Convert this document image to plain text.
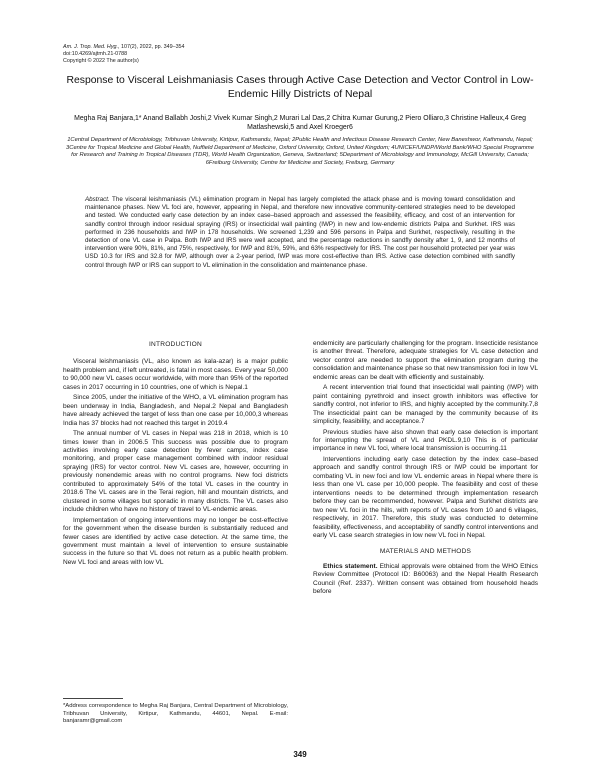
Am. J. Trop. Med. Hyg., 107(2), 2022, pp. 349–354
doi:10.4269/ajtmh.21-0788
Copyright © 2022 The author(s)
Response to Visceral Leishmaniasis Cases through Active Case Detection and Vector Control in Low-Endemic Hilly Districts of Nepal
Megha Raj Banjara,1* Anand Ballabh Joshi,2 Vivek Kumar Singh,2 Murari Lal Das,2 Chitra Kumar Gurung,2 Piero Olliaro,3 Christine Halleux,4 Greg Matlashewski,5 and Axel Kroeger6
1Central Department of Microbiology, Tribhuvan University, Kirtipur, Kathmandu, Nepal; 2Public Health and Infectious Disease Research Center, New Baneshwor, Kathmandu, Nepal; 3Centre for Tropical Medicine and Global Health, Nuffield Department of Medicine, Oxford University, Oxford, United Kingdom; 4UNICEF/UNDP/World Bank/WHO Special Programme for Research and Training in Tropical Diseases (TDR), World Health Organization, Geneva, Switzerland; 5Department of Microbiology and Immunology, McGill University, Canada; 6Freiburg University, Centre for Medicine and Society, Freiburg, Germany
Abstract. The visceral leishmaniasis (VL) elimination program in Nepal has largely completed the attack phase and is moving toward consolidation and maintenance phases. New VL foci are, however, appearing in Nepal, and therefore new innovative community-centered strategies need to be developed and tested. We conducted early case detection by an index case–based approach and assessed the feasibility, efficacy, and cost of an intervention for sandfly control through indoor residual spraying (IRS) or insecticidal wall painting (IWP) in new and low-endemic districts Palpa and Surkhet. IRS was performed in 236 households and IWP in 178 households. We screened 1,239 and 596 persons in Palpa and Surkhet, respectively, resulting in the detection of one VL case in Palpa. Both IWP and IRS were well accepted, and the percentage reductions in sandfly density after 1, 9, and 12 months of intervention were 90%, 81%, and 75%, respectively, for IWP and 81%, 59%, and 63% respectively for IRS. The cost per household protected per year was USD 10.3 for IRS and 32.8 for IWP, although over a 2-year period, IWP was more cost-effective than IRS. Active case detection combined with sandfly control through IWP or IRS can support to VL elimination in the consolidation and maintenance phase.
INTRODUCTION

Visceral leishmaniasis (VL, also known as kala-azar) is a major public health problem and, if left untreated, is fatal in most cases. Every year 50,000 to 90,000 new VL cases occur worldwide, with more than 95% of the reported cases in 2017 occurring in 10 countries, one of which is Nepal.1

Since 2005, under the initiative of the WHO, a VL elimination program has been underway in India, Bangladesh, and Nepal.2 Nepal and Bangladesh have already achieved the target of less than one case per 10,000,3 whereas India has 37 blocks had not reached this target in 2019.4

The annual number of VL cases in Nepal was 218 in 2018, which is 10 times lower than in 2006.5 This success was possible due to program activities involving early case detection by fever camps, index case monitoring, and proper case management combined with indoor residual spraying (IRS) for vector control. New VL cases are, however, occurring in previously nonendemic areas with no control programs. New foci districts contributed to approximately 54% of the total VL cases in the country in 2018.6 The VL cases are in the Terai region, hill and mountain districts, and clustered in some villages but sporadic in many districts. The VL cases also include children who have no history of travel to VL-endemic areas.

Implementation of ongoing interventions may no longer be cost-effective for the government when the disease burden is substantially reduced and fewer cases are identified by active case detection. At the same time, the government must maintain a level of intervention to ensure sustainable success in the future so that VL does not return as a public health problem. New VL foci and areas with low VL

endemicity are particularly challenging for the program. Insecticide resistance is another threat. Therefore, adequate strategies for VL case detection and vector control are needed to support the elimination program during the consolidation and maintenance phase so that new transmission foci in low VL endemic areas can be dealt with efficiently and sustainably.

A recent intervention trial found that insecticidal wall painting (IWP) with paint containing pyrethroid and insect growth inhibitors was effective for sandfly control, not inferior to IRS, and highly accepted by the community.7,8 The insecticidal paint can be managed by the community because of its simplicity, feasibility, and acceptance.7

Previous studies have also shown that early case detection is important for interrupting the spread of VL and PKDL.9,10 This is of particular importance in new VL foci, where local transmission is occurring.11

Interventions including early case detection by the index case–based approach and sandfly control through IRS or IWP could be important for combating VL in new foci and low VL endemic areas in Nepal where there is less than one VL case per 10,000 people. The feasibility and cost of these interventions needs to be determined through implementation research before they can be recommended, however. Palpa and Surkhet districts are two new VL foci in the hills, with reports of VL cases from 10 and 6 villages, respectively, in 2017. Therefore, this study was conducted to determine feasibility, effectiveness, and acceptability of sandfly control interventions and early VL case search strategies in low new VL foci in Nepal.

MATERIALS AND METHODS

Ethics statement. Ethical approvals were obtained from the WHO Ethics Review Committee (Protocol ID: B60063) and the Nepal Health Research Council (Ref. 2337). Written consent was obtained from household heads before

*Address correspondence to Megha Raj Banjara, Central Department of Microbiology, Tribhuvan University, Kirtipur, Kathmandu, 44601, Nepal. E-mail: banjaramr@gmail.com
349
